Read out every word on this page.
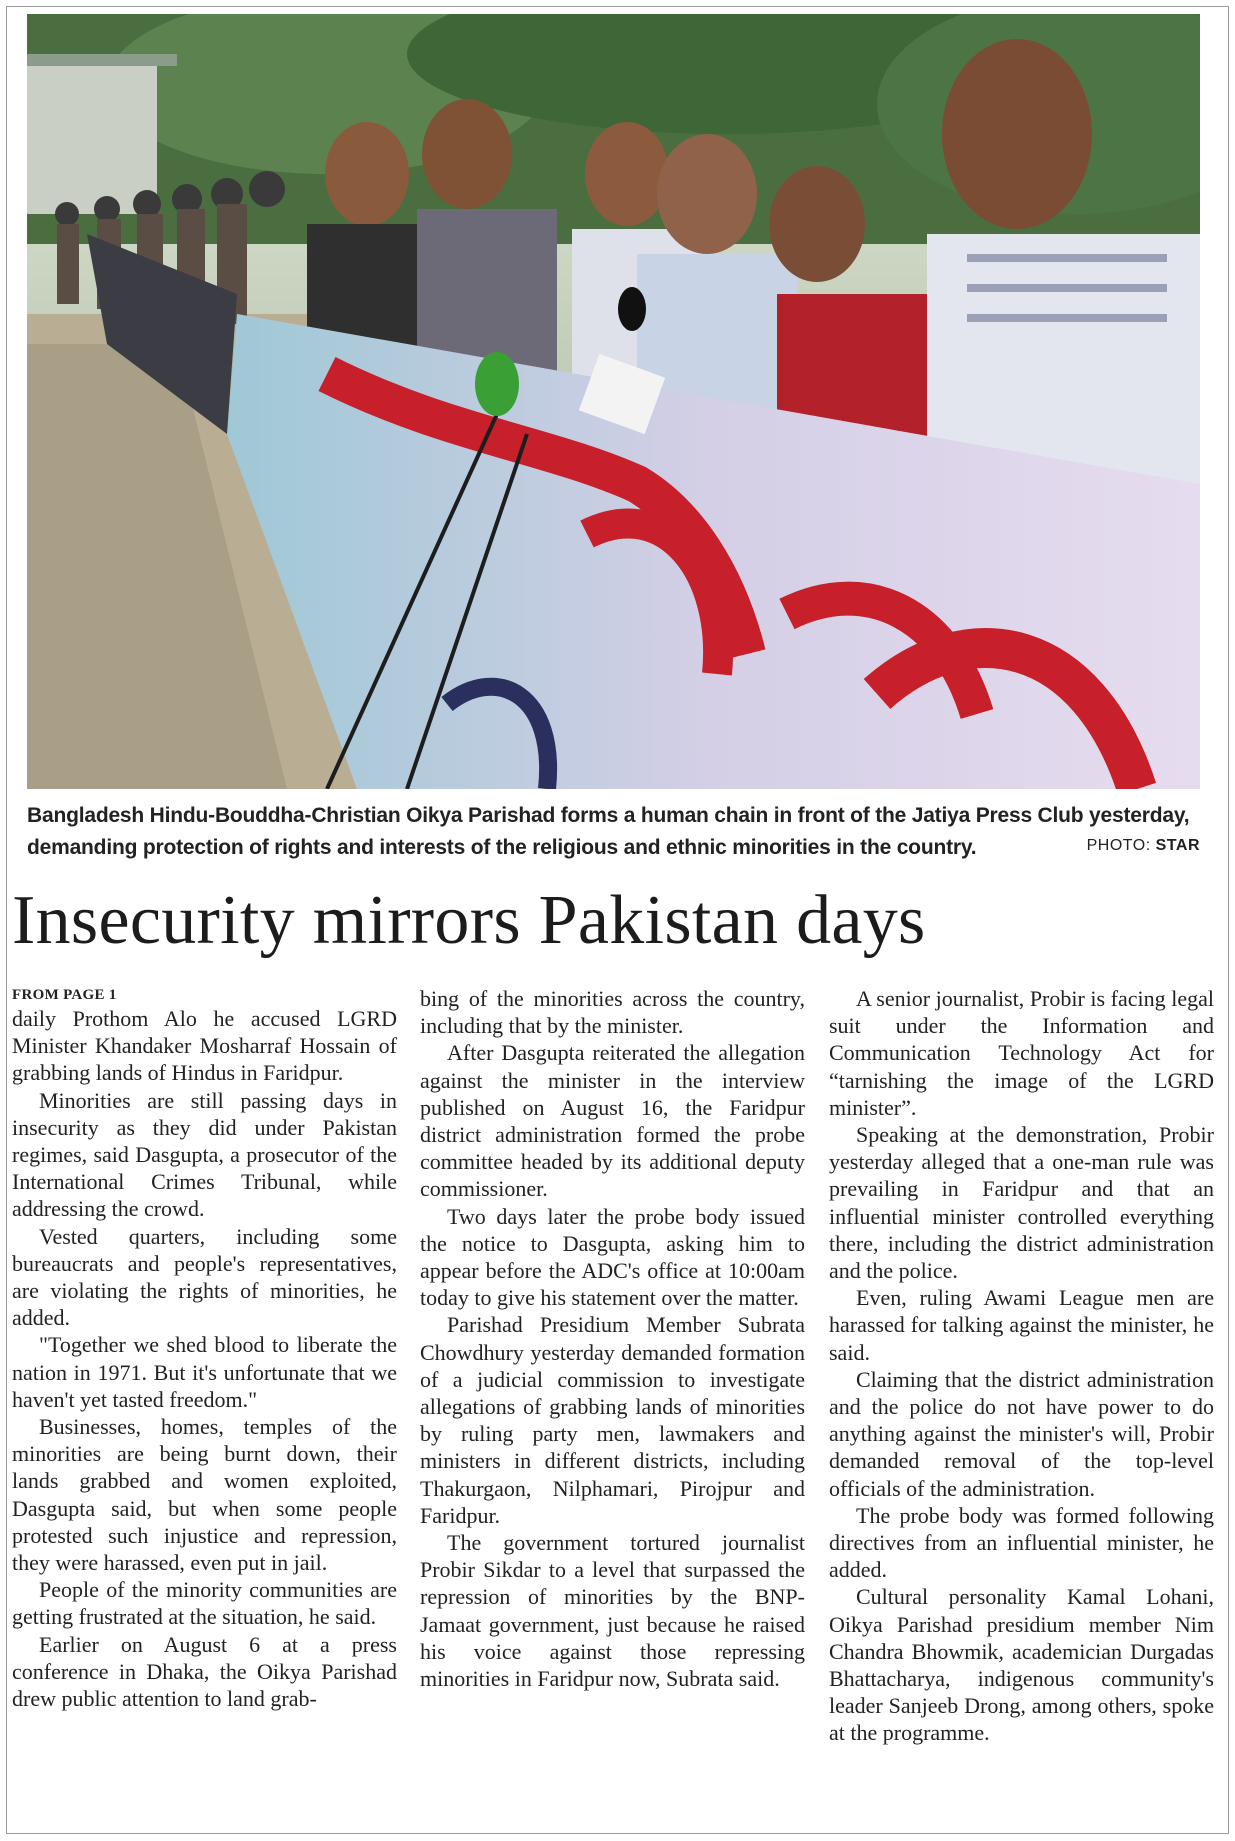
Bangladesh Hindu-Bouddha-Christian Oikya Parishad forms a human chain in front of the Jatiya Press Club yesterday, demanding protection of rights and interests of the religious and ethnic minorities in the country.	PHOTO: STAR
Insecurity mirrors Pakistan days
FROM PAGE 1

daily Prothom Alo he accused LGRD Minister Khandaker Mosharraf Hossain of grabbing lands of Hindus in Faridpur.

Minorities are still passing days in insecurity as they did under Pakistan regimes, said Dasgupta, a prosecutor of the International Crimes Tribunal, while addressing the crowd.

Vested quarters, including some bureaucrats and people's representatives, are violating the rights of minorities, he added.

"Together we shed blood to liberate the nation in 1971. But it's unfortunate that we haven't yet tasted freedom."

Businesses, homes, temples of the minorities are being burnt down, their lands grabbed and women exploited, Dasgupta said, but when some people protested such injustice and repression, they were harassed, even put in jail.

People of the minority communities are getting frustrated at the situation, he said.

Earlier on August 6 at a press conference in Dhaka, the Oikya Parishad drew public attention to land grab-

bing of the minorities across the country, including that by the minister.

After Dasgupta reiterated the allegation against the minister in the interview published on August 16, the Faridpur district administration formed the probe committee headed by its additional deputy commissioner.

Two days later the probe body issued the notice to Dasgupta, asking him to appear before the ADC's office at 10:00am today to give his statement over the matter.

Parishad Presidium Member Subrata Chowdhury yesterday demanded formation of a judicial commission to investigate allegations of grabbing lands of minorities by ruling party men, lawmakers and ministers in different districts, including Thakurgaon, Nilphamari, Pirojpur and Faridpur.

The government tortured journalist Probir Sikdar to a level that surpassed the repression of minorities by the BNP-Jamaat government, just because he raised his voice against those repressing minorities in Faridpur now, Subrata said.

A senior journalist, Probir is facing legal suit under the Information and Communication Technology Act for “tarnishing the image of the LGRD minister”.

Speaking at the demonstration, Probir yesterday alleged that a one-man rule was prevailing in Faridpur and that an influential minister controlled everything there, including the district administration and the police.

Even, ruling Awami League men are harassed for talking against the minister, he said.

Claiming that the district administration and the police do not have power to do anything against the minister's will, Probir demanded removal of the top-level officials of the administration.

The probe body was formed following directives from an influential minister, he added.

Cultural personality Kamal Lohani, Oikya Parishad presidium member Nim Chandra Bhowmik, academician Durgadas Bhattacharya, indigenous community's leader Sanjeeb Drong, among others, spoke at the programme.
